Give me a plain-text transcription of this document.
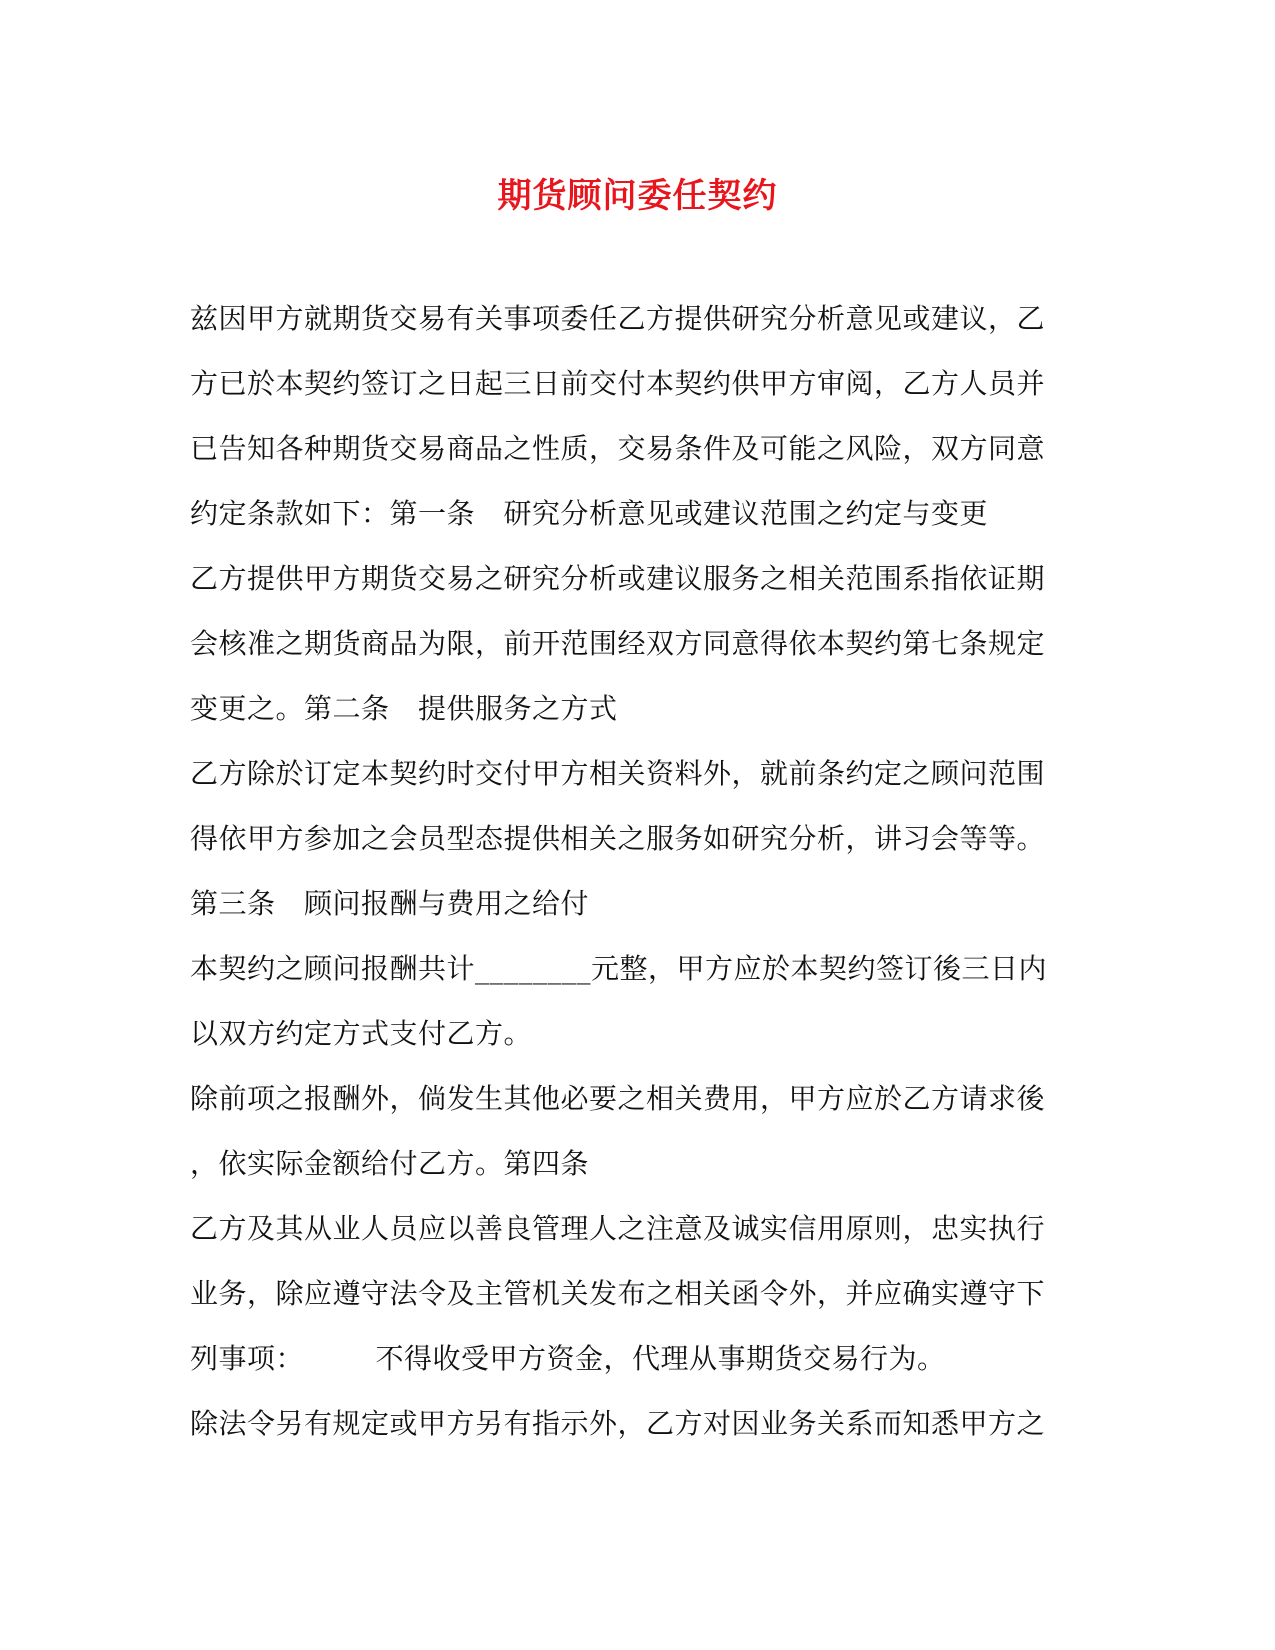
期货顾问委任契约
兹因甲方就期货交易有关事项委任乙方提供研究分析意见或建议，乙
方已於本契约签订之日起三日前交付本契约供甲方审阅，乙方人员并
已告知各种期货交易商品之性质，交易条件及可能之风险，双方同意
约定条款如下：第一条　研究分析意见或建议范围之约定与变更
乙方提供甲方期货交易之研究分析或建议服务之相关范围系指依证期
会核准之期货商品为限，前开范围经双方同意得依本契约第七条规定
变更之。第二条　提供服务之方式
乙方除於订定本契约时交付甲方相关资料外，就前条约定之顾问范围
得依甲方参加之会员型态提供相关之服务如研究分析，讲习会等等。
第三条　顾问报酬与费用之给付
本契约之顾问报酬共计________元整，甲方应於本契约签订後三日内
以双方约定方式支付乙方。
除前项之报酬外，倘发生其他必要之相关费用，甲方应於乙方请求後
，依实际金额给付乙方。第四条
乙方及其从业人员应以善良管理人之注意及诚实信用原则，忠实执行
业务，除应遵守法令及主管机关发布之相关函令外，并应确实遵守下
列事项：　　　不得收受甲方资金，代理从事期货交易行为。
除法令另有规定或甲方另有指示外，乙方对因业务关系而知悉甲方之
